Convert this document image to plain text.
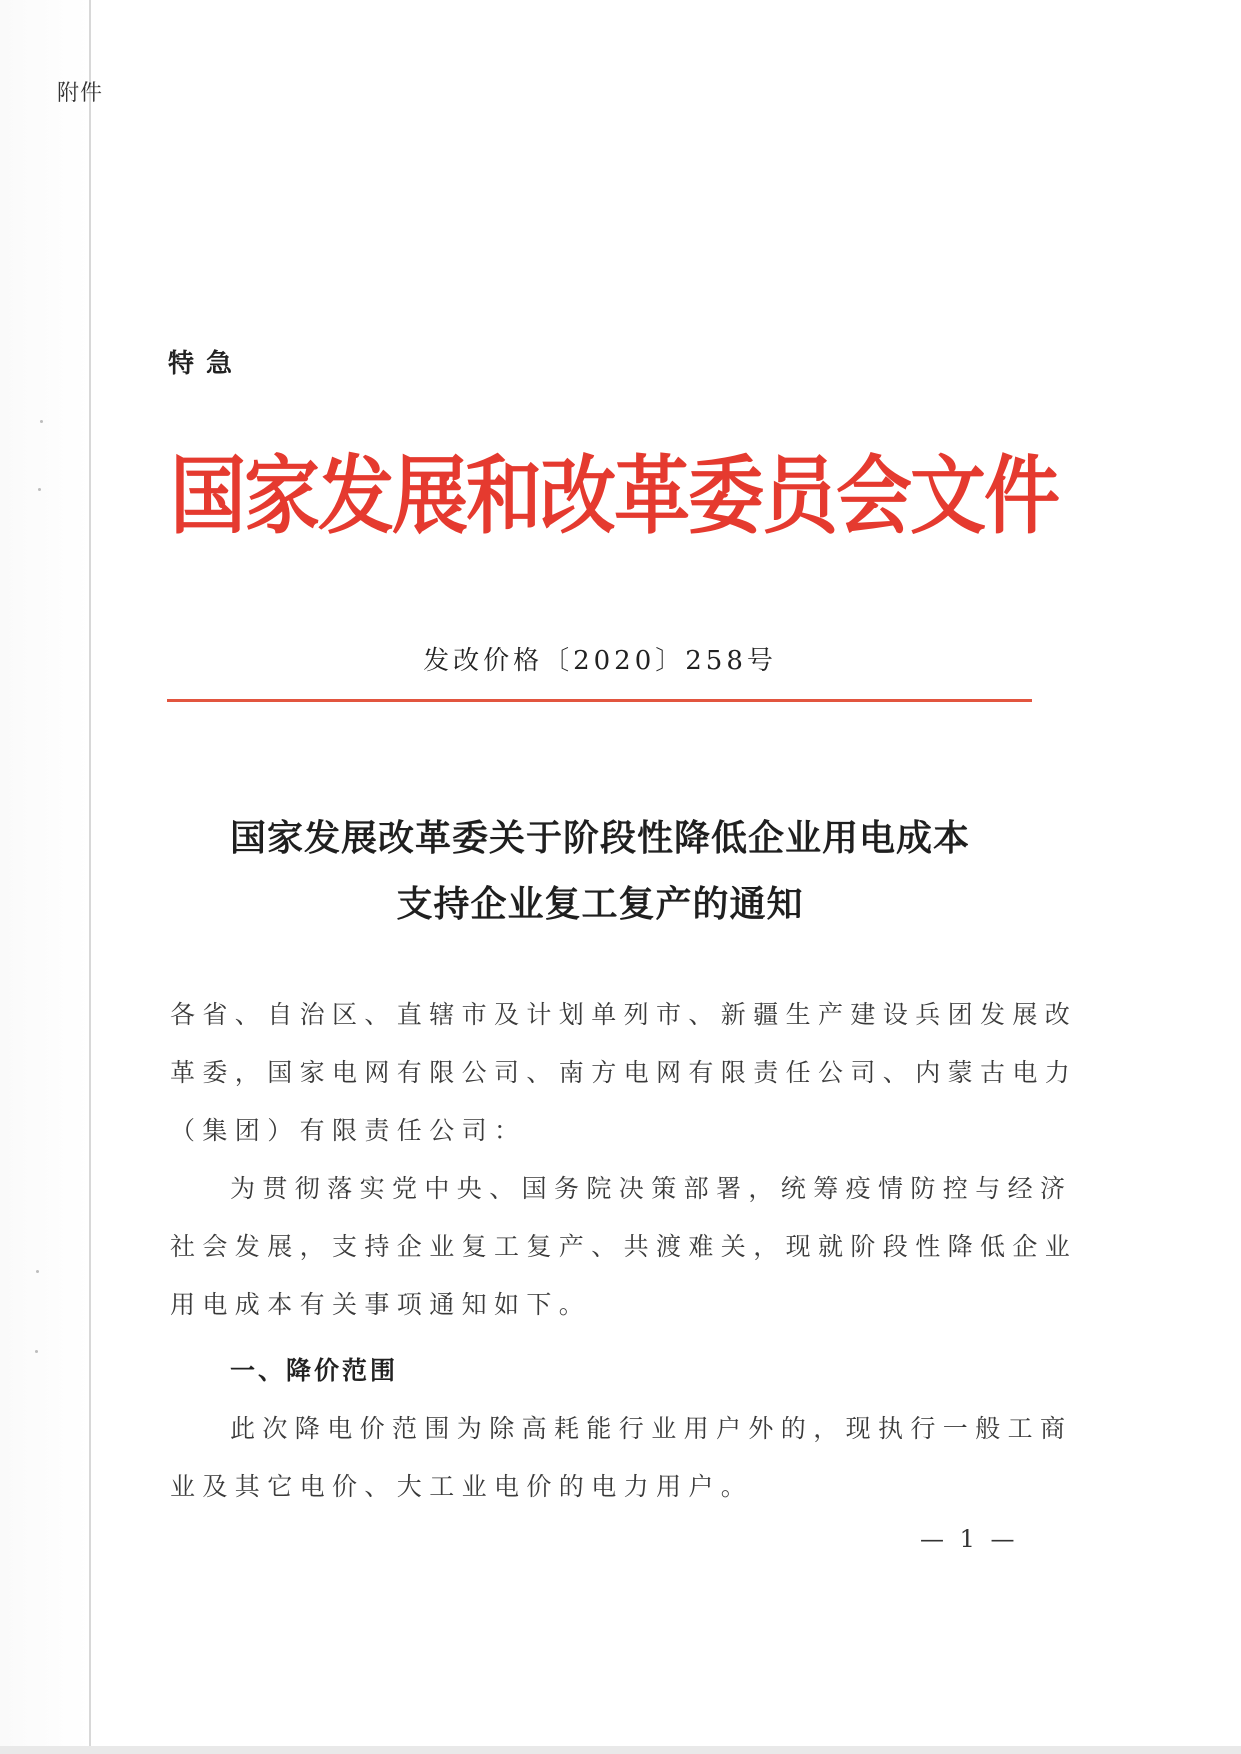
附件
特急
国家发展和改革委员会文件
发改价格〔2020〕258号
国家发展改革委关于阶段性降低企业用电成本
支持企业复工复产的通知
各省、自治区、直辖市及计划单列市、新疆生产建设兵团发展改
革委，国家电网有限公司、南方电网有限责任公司、内蒙古电力
（集团）有限责任公司：
为贯彻落实党中央、国务院决策部署，统筹疫情防控与经济
社会发展，支持企业复工复产、共渡难关，现就阶段性降低企业
用电成本有关事项通知如下。
一、降价范围
此次降电价范围为除高耗能行业用户外的，现执行一般工商
业及其它电价、大工业电价的电力用户。
— 1 —
